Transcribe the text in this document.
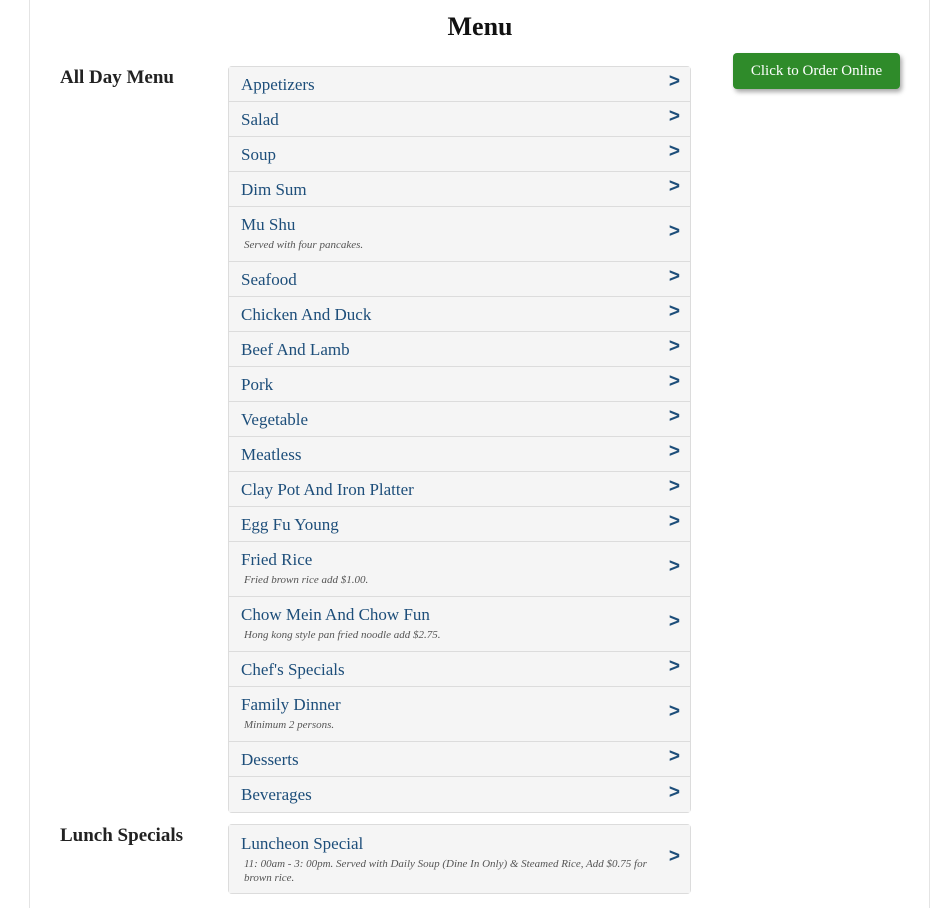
Menu
Click to Order Online
All Day Menu	Appetizers	>
Salad	>
Soup	>
Dim Sum	>
Mu Shu
Served with four pancakes.
>
Seafood	>
Chicken And Duck	>
Beef And Lamb	>
Pork	>
Vegetable	>
Meatless	>
Clay Pot And Iron Platter	>
Egg Fu Young	>
Fried Rice
Fried brown rice add $1.00.
>
Chow Mein And Chow Fun
Hong kong style pan fried noodle add $2.75.
>
Chef's Specials	>
Family Dinner
Minimum 2 persons.
>
Desserts	>
Beverages	>
Lunch Specials	Luncheon Special
11: 00am - 3: 00pm. Served with Daily Soup (Dine In Only) & Steamed Rice, Add $0.75 for brown rice.
>
